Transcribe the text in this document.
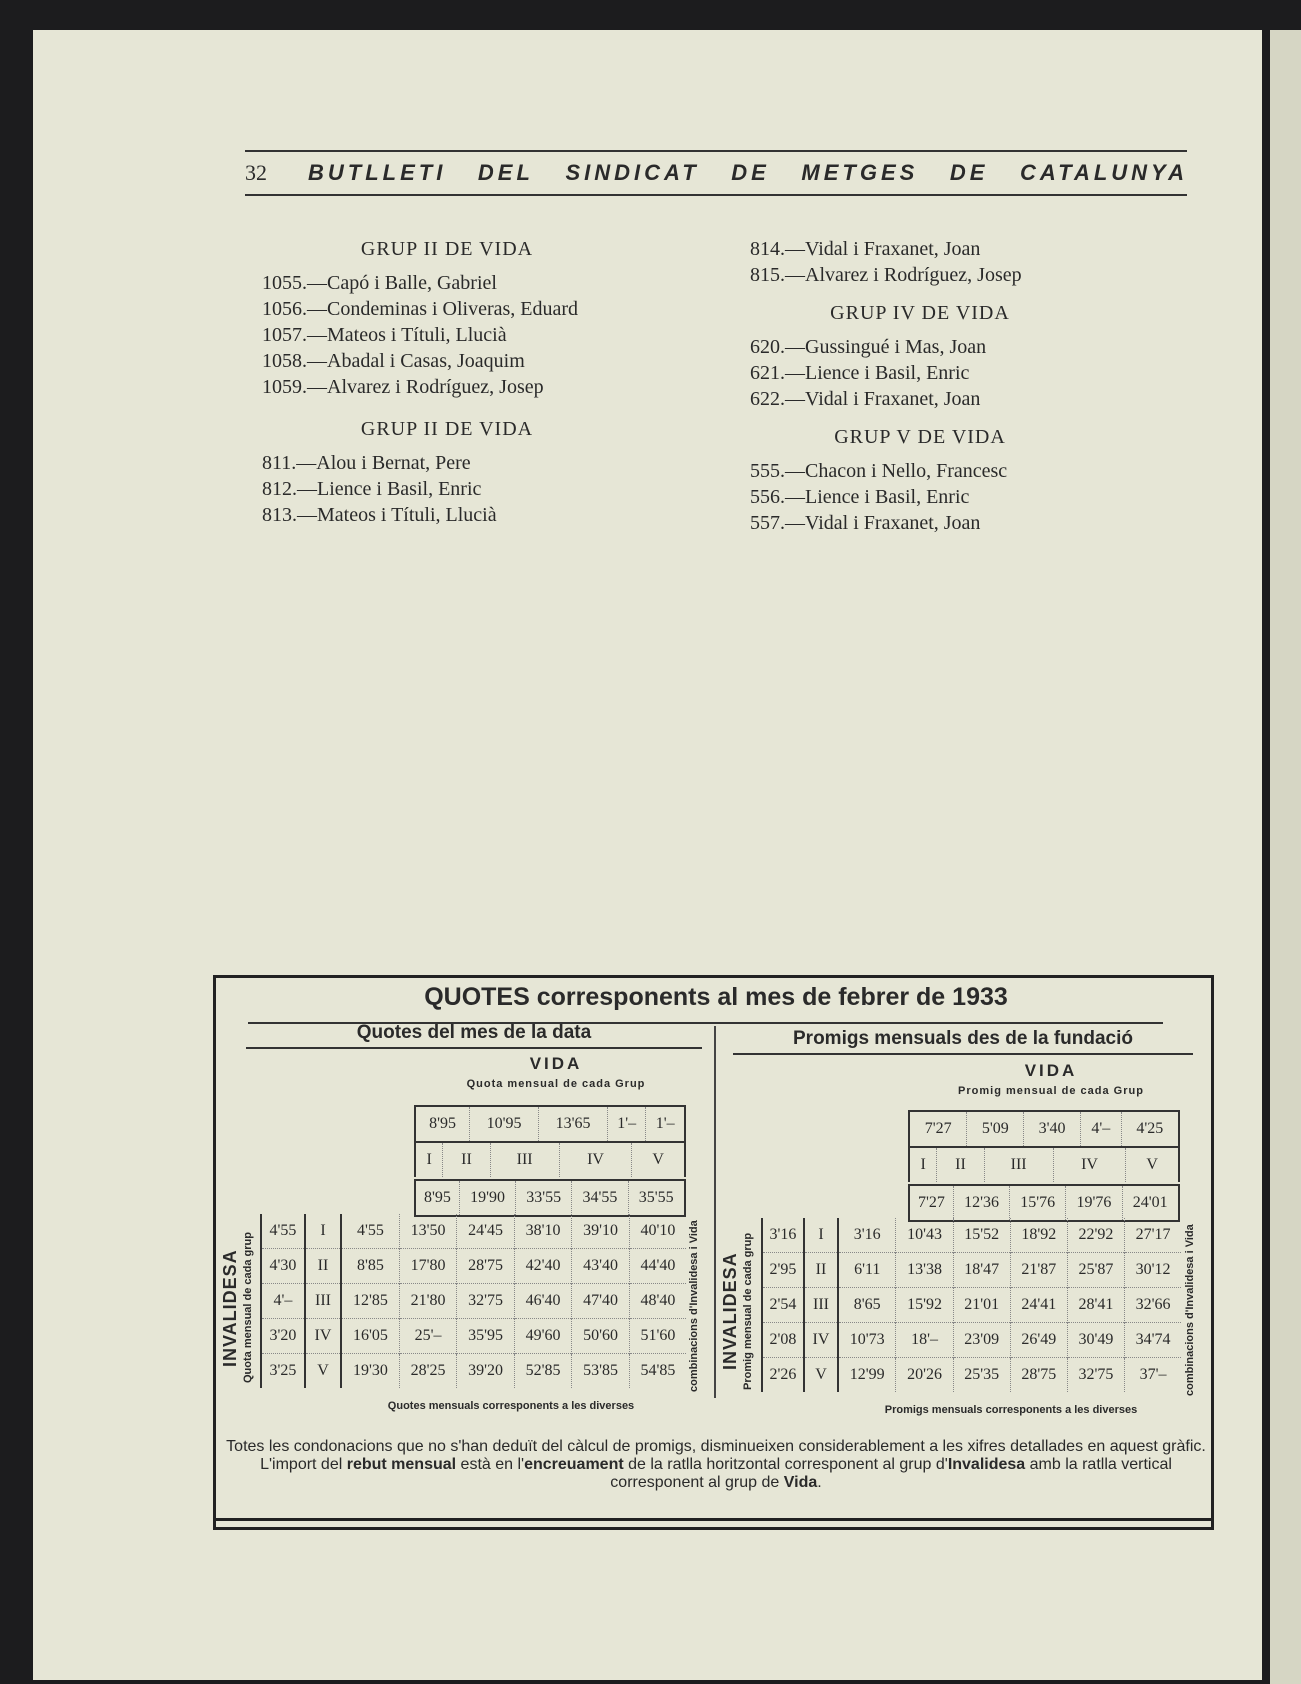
32 BUTLLETI DEL SINDICAT DE METGES DE CATALUNYA
GRUP II DE VIDA
1055.—Capó i Balle, Gabriel
1056.—Condeminas i Oliveras, Eduard
1057.—Mateos i Títuli, Llucià
1058.—Abadal i Casas, Joaquim
1059.—Alvarez i Rodríguez, Josep
GRUP II DE VIDA
811.—Alou i Bernat, Pere
812.—Lience i Basil, Enric
813.—Mateos i Títuli, Llucià
814.—Vidal i Fraxanet, Joan
815.—Alvarez i Rodríguez, Josep
GRUP IV DE VIDA
620.—Gussingué i Mas, Joan
621.—Lience i Basil, Enric
622.—Vidal i Fraxanet, Joan
GRUP V DE VIDA
555.—Chacon i Nello, Francesc
556.—Lience i Basil, Enric
557.—Vidal i Fraxanet, Joan
QUOTES corresponents al mes de febrer de 1933
Quotes del mes de la data
VIDA
Quota mensual de cada Grup
8'95	10'95	13'65	1'–	1'–
I	II	III	IV	V
8'95	19'90	33'55	34'55	35'55
INVALIDESA Quota mensual de cada grup
4'55	I	4'55	13'50	24'45	38'10	39'10	40'10
4'30	II	8'85	17'80	28'75	42'40	43'40	44'40
4'–	III	12'85	21'80	32'75	46'40	47'40	48'40
3'20	IV	16'05	25'–	35'95	49'60	50'60	51'60
3'25	V	19'30	28'25	39'20	52'85	53'85	54'85 combinacions d'Invalidesa i Vida
Quotes mensuals corresponents a les diverses
Promigs mensuals des de la fundació
VIDA
Promig mensual de cada Grup
7'27	5'09	3'40	4'–	4'25
I	II	III	IV	V
7'27	12'36	15'76	19'76	24'01
INVALIDESA Promig mensual de cada grup 3'16	I	3'16	10'43	15'52	18'92	22'92	27'17
2'95	II	6'11	13'38	18'47	21'87	25'87	30'12
2'54	III	8'65	15'92	21'01	24'41	28'41	32'66
2'08	IV	10'73	18'–	23'09	26'49	30'49	34'74
2'26	V	12'99	20'26	25'35	28'75	32'75	37'– combinacions d'Invalidesa i Vida
Promigs mensuals corresponents a les diverses

Totes les condonacions que no s'han deduït del càlcul de promigs, disminueixen considerablement a les xifres detallades en aquest gràfic.

L'import del rebut mensual està en l'encreuament de la ratlla horitzontal corresponent al grup d'Invalidesa amb la ratlla vertical corresponent al grup de Vida.
